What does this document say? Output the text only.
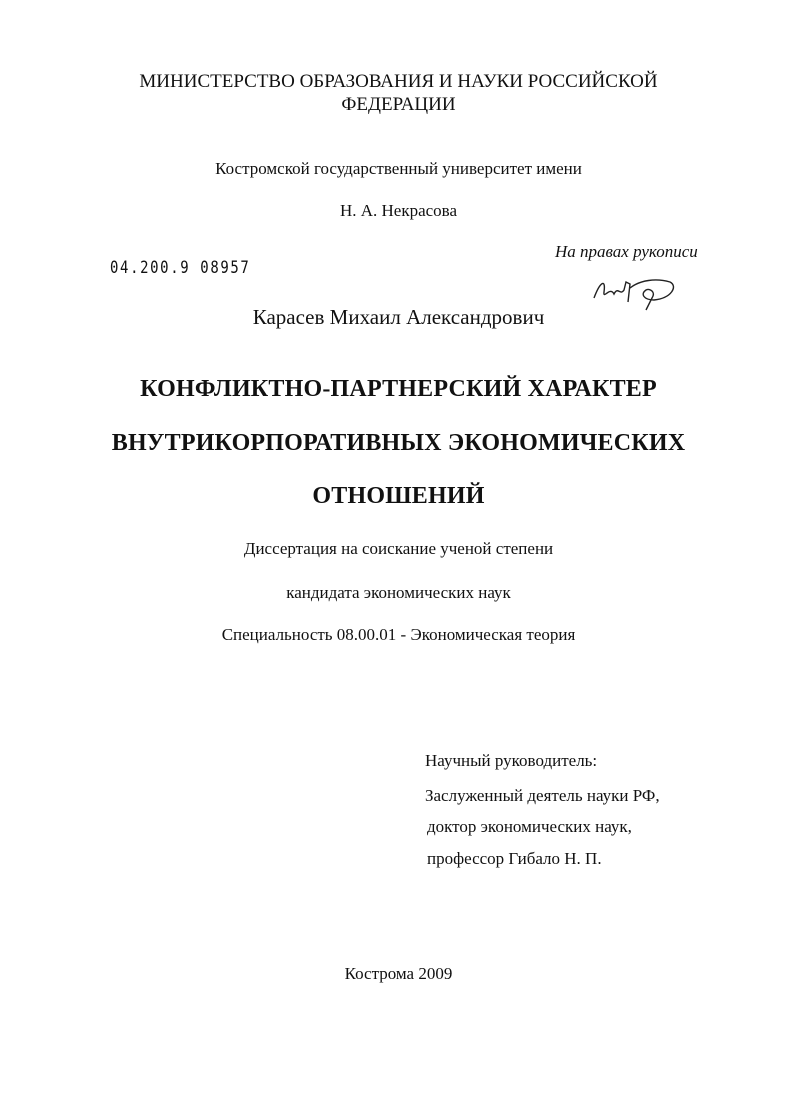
МИНИСТЕРСТВО ОБРАЗОВАНИЯ И НАУКИ РОССИЙСКОЙ
ФЕДЕРАЦИИ
Костромской государственный университет имени
Н. А. Некрасова
На правах рукописи
04.200.9 08957
Карасев Михаил Александрович
КОНФЛИКТНО-ПАРТНЕРСКИЙ ХАРАКТЕР
ВНУТРИКОРПОРАТИВНЫХ ЭКОНОМИЧЕСКИХ
ОТНОШЕНИЙ
Диссертация на соискание ученой степени
кандидата экономических наук
Специальность 08.00.01 - Экономическая теория
Научный руководитель:
Заслуженный деятель науки РФ,
доктор экономических наук,
профессор Гибало Н. П.
Кострома 2009
